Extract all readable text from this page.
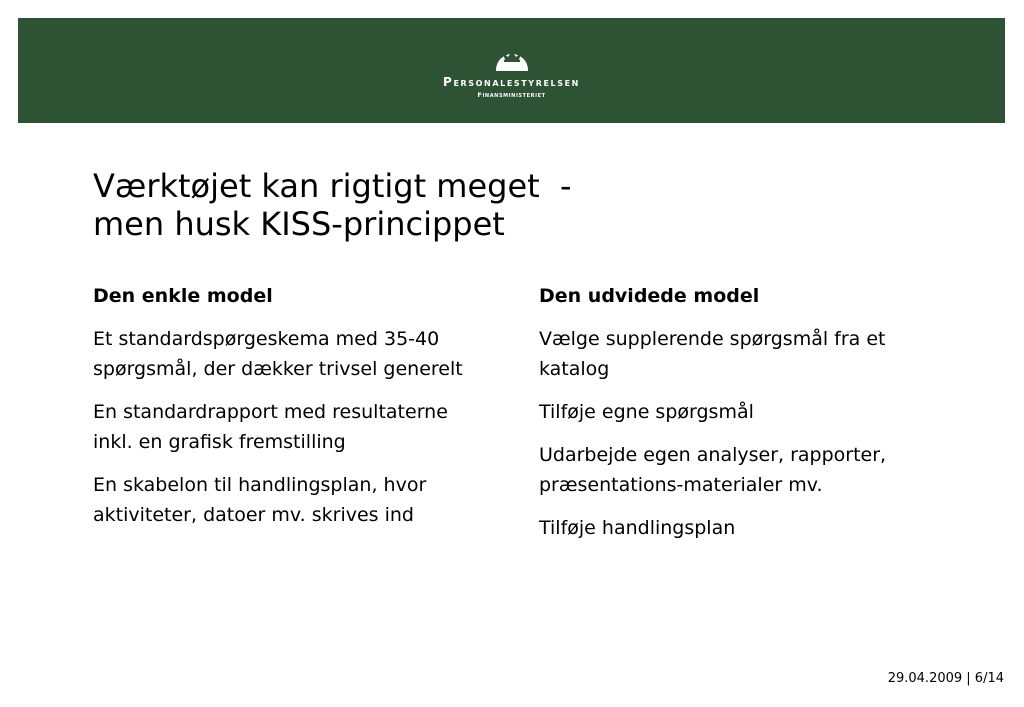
Personalestyrelsen
Finansministeriet
Værktøjet kan rigtigt meget  -
men husk KISS-princippet
Den enkle model
Et standardspørgeskema med 35-40 spørgsmål, der dækker trivsel generelt
En standardrapport med resultaterne inkl. en grafisk fremstilling
En skabelon til handlingsplan, hvor aktiviteter, datoer mv. skrives ind
Den udvidede model
Vælge supplerende spørgsmål fra et katalog
Tilføje egne spørgsmål
Udarbejde egen analyser, rapporter, præsentations-materialer mv.
Tilføje handlingsplan
29.04.2009 | 6/14
